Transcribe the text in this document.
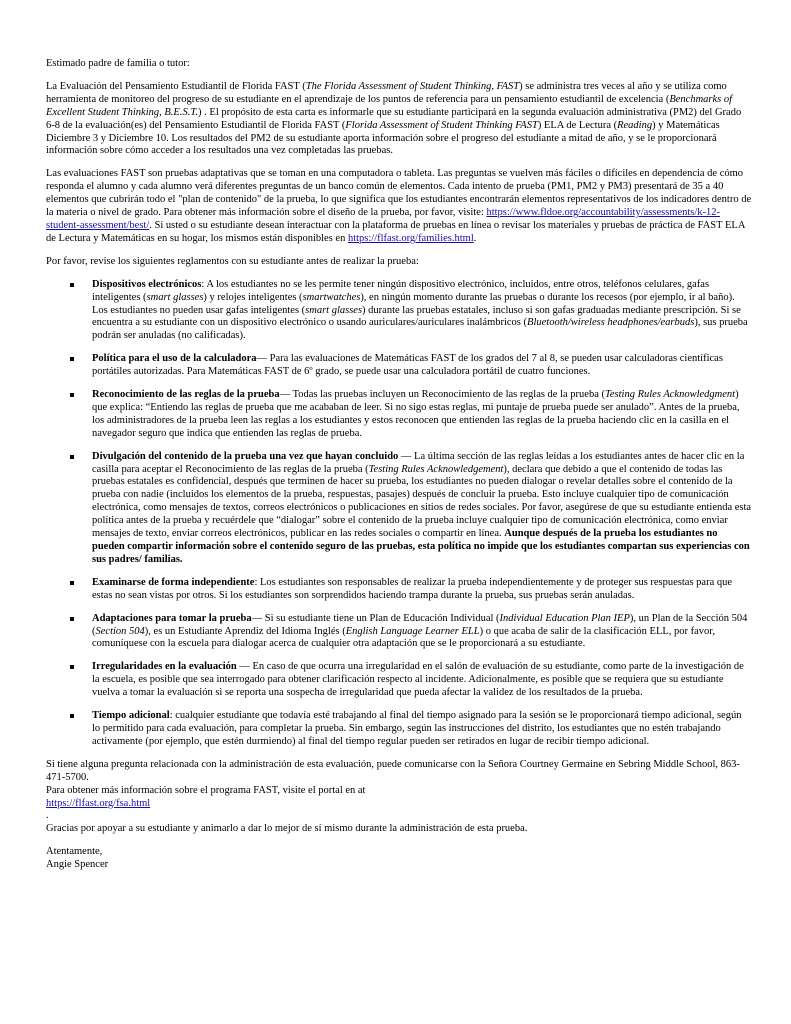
Estimado padre de familia o tutor:

La Evaluación del Pensamiento Estudiantil de Florida FAST (The Florida Assessment of Student Thinking, FAST) se administra tres veces al año y se utiliza como herramienta de monitoreo del progreso de su estudiante en el aprendizaje de los puntos de referencia para un pensamiento estudiantil de excelencia (Benchmarks of Excellent Student Thinking, B.E.S.T.) . El propósito de esta carta es informarle que su estudiante participará en la segunda evaluación administrativa (PM2) del Grado 6-8 de la evaluación(es) del Pensamiento Estudiantil de Florida FAST (Florida Assessment of Student Thinking FAST) ELA de Lectura (Reading) y Matemáticas Diciembre 3 y Diciembre 10. Los resultados del PM2 de su estudiante aporta información sobre el progreso del estudiante a mitad de año, y se le proporcionará información sobre cómo acceder a los resultados una vez completadas las pruebas.

Las evaluaciones FAST son pruebas adaptativas que se toman en una computadora o tableta. Las preguntas se vuelven más fáciles o difíciles en dependencia de cómo responda el alumno y cada alumno verá diferentes preguntas de un banco común de elementos. Cada intento de prueba (PM1, PM2 y PM3) presentará de 35 a 40 elementos que cubrirán todo el "plan de contenido" de la prueba, lo que significa que los estudiantes encontrarán elementos representativos de los indicadores dentro de la materia o nivel de grado. Para obtener más información sobre el diseño de la prueba, por favor, visite: https://www.fldoe.org/accountability/assessments/k-12-student-assessment/best/. Si usted o su estudiante desean interactuar con la plataforma de pruebas en línea o revisar los materiales y pruebas de práctica de FAST ELA de Lectura y Matemáticas en su hogar, los mismos están disponibles en https://flfast.org/families.html.

Por favor, revise los siguientes reglamentos con su estudiante antes de realizar la prueba:

Dispositivos electrónicos: A los estudiantes no se les permite tener ningún dispositivo electrónico, incluidos, entre otros, teléfonos celulares, gafas inteligentes (smart glasses) y relojes inteligentes (smartwatches), en ningún momento durante las pruebas o durante los recesos (por ejemplo, ir al baño). Los estudiantes no pueden usar gafas inteligentes (smart glasses) durante las pruebas estatales, incluso si son gafas graduadas mediante prescripción. Si se encuentra a su estudiante con un dispositivo electrónico o usando auriculares/auriculares inalámbricos (Bluetooth/wireless headphones/earbuds), sus prueba podrán ser anuladas (no calificadas).
Política para el uso de la calculadora— Para las evaluaciones de Matemáticas FAST de los grados del 7 al 8, se pueden usar calculadoras científicas portátiles autorizadas. Para Matemáticas FAST de 6º grado, se puede usar una calculadora portátil de cuatro funciones.
Reconocimiento de las reglas de la prueba— Todas las pruebas incluyen un Reconocimiento de las reglas de la prueba (Testing Rules Acknowledgment) que explica: “Entiendo las reglas de prueba que me acababan de leer. Si no sigo estas reglas, mi puntaje de prueba puede ser anulado”. Antes de la prueba, los administradores de la prueba leen las reglas a los estudiantes y estos reconocen que entienden las reglas de la prueba haciendo clic en la casilla en el navegador seguro que indica que entienden las reglas de prueba.
Divulgación del contenido de la prueba una vez que hayan concluido — La última sección de las reglas leídas a los estudiantes antes de hacer clic en la casilla para aceptar el Reconocimiento de las reglas de la prueba (Testing Rules Acknowledgement), declara que debido a que el contenido de todas las pruebas estatales es confidencial, después que terminen de hacer su prueba, los estudiantes no pueden dialogar o revelar detalles sobre el contenido de la prueba con nadie (incluidos los elementos de la prueba, respuestas, pasajes) después de concluir la prueba. Esto incluye cualquier tipo de comunicación electrónica, como mensajes de textos, correos electrónicos o publicaciones en sitios de redes sociales. Por favor, asegúrese de que su estudiante entienda esta política antes de la prueba y recuérdele que “dialogar” sobre el contenido de la prueba incluye cualquier tipo de comunicación electrónica, como enviar mensajes de texto, enviar correos electrónicos, publicar en las redes sociales o compartir en línea. Aunque después de la prueba los estudiantes no pueden compartir información sobre el contenido seguro de las pruebas, esta política no impide que los estudiantes compartan sus experiencias con sus padres/ familias.
Examinarse de forma independiente: Los estudiantes son responsables de realizar la prueba independientemente y de proteger sus respuestas para que estas no sean vistas por otros. Si los estudiantes son sorprendidos haciendo trampa durante la prueba, sus pruebas serán anuladas.
Adaptaciones para tomar la prueba— Si su estudiante tiene un Plan de Educación Individual (Individual Education Plan IEP), un Plan de la Sección 504 (Section 504), es un Estudiante Aprendiz del Idioma Inglés (English Language Learner ELL) o que acaba de salir de la clasificación ELL, por favor, comuníquese con la escuela para dialogar acerca de cualquier otra adaptación que se le proporcionará a su estudiante.
Irregularidades en la evaluación — En caso de que ocurra una irregularidad en el salón de evaluación de su estudiante, como parte de la investigación de la escuela, es posible que sea interrogado para obtener clarificación respecto al incidente. Adicionalmente, es posible que se requiera que su estudiante vuelva a tomar la evaluación si se reporta una sospecha de irregularidad que pueda afectar la validez de los resultados de la prueba.
Tiempo adicional: cualquier estudiante que todavía esté trabajando al final del tiempo asignado para la sesión se le proporcionará tiempo adicional, según lo permitido para cada evaluación, para completar la prueba. Sin embargo, según las instrucciones del distrito, los estudiantes que no estén trabajando activamente (por ejemplo, que estén durmiendo) al final del tiempo regular pueden ser retirados en lugar de recibir tiempo adicional.

Si tiene alguna pregunta relacionada con la administración de esta evaluación, puede comunicarse con la Señora Courtney Germaine en Sebring Middle School, 863-471-5700.
Para obtener más información sobre el programa FAST, visite el portal en at
https://flfast.org/fsa.html
.
Gracias por apoyar a su estudiante y animarlo a dar lo mejor de sí mismo durante la administración de esta prueba.

Atentamente,
Angie Spencer
